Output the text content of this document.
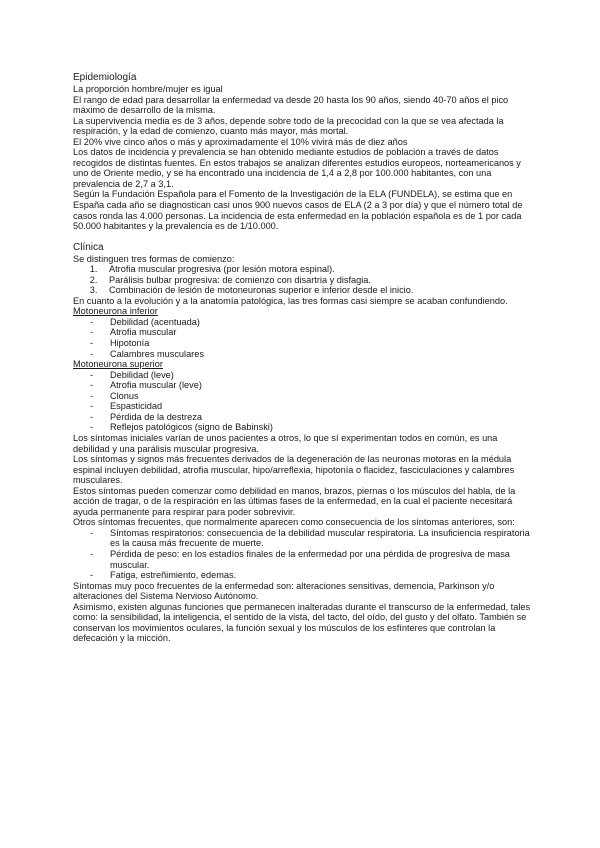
Epidemiología

La proporción hombre/mujer es igual

El rango de edad para desarrollar la enfermedad va desde 20 hasta los 90 años, siendo 40-70 años el pico máximo de desarrollo de la misma.

La supervivencia media es de 3 años, depende sobre todo de la precocidad con la que se vea afectada la respiración, y la edad de comienzo, cuanto más mayor, más mortal.

El 20% vive cinco años o más y aproximadamente el 10% vivirá más de diez años

Los datos de incidencia y prevalencia se han obtenido mediante estudios de población a través de datos recogidos de distintas fuentes. En estos trabajos se analizan diferentes estudios europeos, norteamericanos y uno de Oriente medio, y se ha encontrado una incidencia de 1,4 a 2,8 por 100.000 habitantes, con una prevalencia de 2,7 a 3,1.

Según la Fundación Española para el Fomento de la Investigación de la ELA (FUNDELA), se estima que en España cada año se diagnostican casi unos 900 nuevos casos de ELA (2 a 3 por día) y que el número total de casos ronda las 4.000 personas. La incidencia de esta enfermedad en la población española es de 1 por cada 50.000 habitantes y la prevalencia es de 1/10.000.

Clínica

Se distinguen tres formas de comienzo:

1. Atrofia muscular progresiva (por lesión motora espinal).
2. Parálisis bulbar progresiva: de comienzo con disartria y disfagia.
3. Combinación de lesión de motoneuronas superior e inferior desde el inicio.

En cuanto a la evolución y a la anatomía patológica, las tres formas casi siempre se acaban confundiendo.

Motoneurona inferior

- Debilidad (acentuada)
- Atrofia muscular
- Hipotonía
- Calambres musculares

Motoneurona superior

- Debilidad (leve)
- Atrofia muscular (leve)
- Clonus
- Espasticidad
- Pérdida de la destreza
- Reflejos patológicos (signo de Babinski)

Los síntomas iniciales varían de unos pacientes a otros, lo que sí experimentan todos en común, es una debilidad y una parálisis muscular progresiva.

Los síntomas y signos más frecuentes derivados de la degeneración de las neuronas motoras en la médula espinal incluyen debilidad, atrofia muscular, hipo/arreflexia, hipotonía o flacidez, fasciculaciones y calambres musculares.

Estos síntomas pueden comenzar como debilidad en manos, brazos, piernas o los músculos del habla, de la acción de tragar, o de la respiración en las últimas fases de la enfermedad, en la cual el paciente necesitará ayuda permanente para respirar para poder sobrevivir.

Otros síntomas frecuentes, que normalmente aparecen como consecuencia de los síntomas anteriores, son:

- Síntomas respiratorios: consecuencia de la debilidad muscular respiratoria. La insuficiencia respiratoria es la causa más frecuente de muerte.
- Pérdida de peso: en los estadíos finales de la enfermedad por una pérdida de progresiva de masa muscular.
- Fatiga, estreñimiento, edemas.

Síntomas muy poco frecuentes de la enfermedad son: alteraciones sensitivas, demencia, Parkinson y/o alteraciones del Sistema Nervioso Autónomo.

Asimismo, existen algunas funciones que permanecen inalteradas durante el transcurso de la enfermedad, tales como: la sensibilidad, la inteligencia, el sentido de la vista, del tacto, del oído, del gusto y del olfato. También se conservan los movimientos oculares, la función sexual y los músculos de los esfínteres que controlan la defecación y la micción.
